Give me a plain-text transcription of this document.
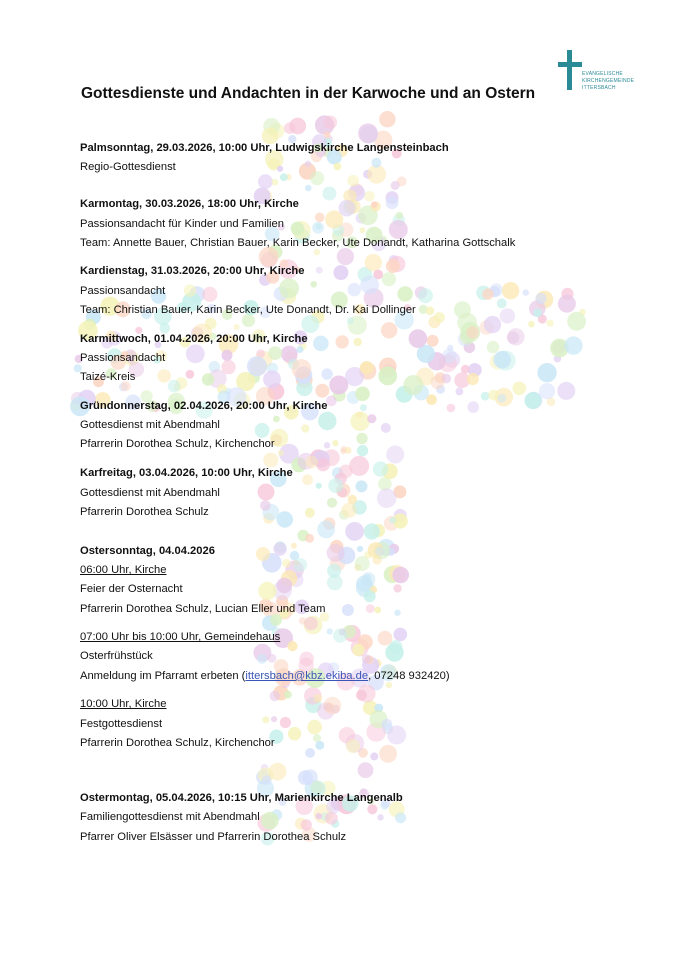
EVANGELISCHE
KIRCHENGEMEINDE
ITTERSBACH
Gottesdienste und Andachten in der Karwoche und an Ostern
Palmsonntag, 29.03.2026, 10:00 Uhr, Ludwigskirche Langensteinbach
Regio-Gottesdienst
Karmontag, 30.03.2026, 18:00 Uhr, Kirche
Passionsandacht für Kinder und Familien
Team: Annette Bauer, Christian Bauer, Karin Becker, Ute Donandt, Katharina Gottschalk
Kardienstag, 31.03.2026, 20:00 Uhr, Kirche
Passionsandacht
Team: Christian Bauer, Karin Becker, Ute Donandt, Dr. Kai Dollinger
Karmittwoch, 01.04.2026, 20:00 Uhr, Kirche
Passionsandacht
Taizé-Kreis
Gründonnerstag, 02.04.2026, 20:00 Uhr, Kirche
Gottesdienst mit Abendmahl
Pfarrerin Dorothea Schulz, Kirchenchor
Karfreitag, 03.04.2026, 10:00 Uhr, Kirche
Gottesdienst mit Abendmahl
Pfarrerin Dorothea Schulz
Ostersonntag, 04.04.2026
06:00 Uhr, Kirche
Feier der Osternacht
Pfarrerin Dorothea Schulz, Lucian Eller und Team
07:00 Uhr bis 10:00 Uhr, Gemeindehaus
Osterfrühstück
Anmeldung im Pfarramt erbeten (ittersbach@kbz.ekiba.de, 07248 932420)
10:00 Uhr, Kirche
Festgottesdienst
Pfarrerin Dorothea Schulz, Kirchenchor
Ostermontag, 05.04.2026, 10:15 Uhr, Marienkirche Langenalb
Familiengottesdienst mit Abendmahl
Pfarrer Oliver Elsässer und Pfarrerin Dorothea Schulz
